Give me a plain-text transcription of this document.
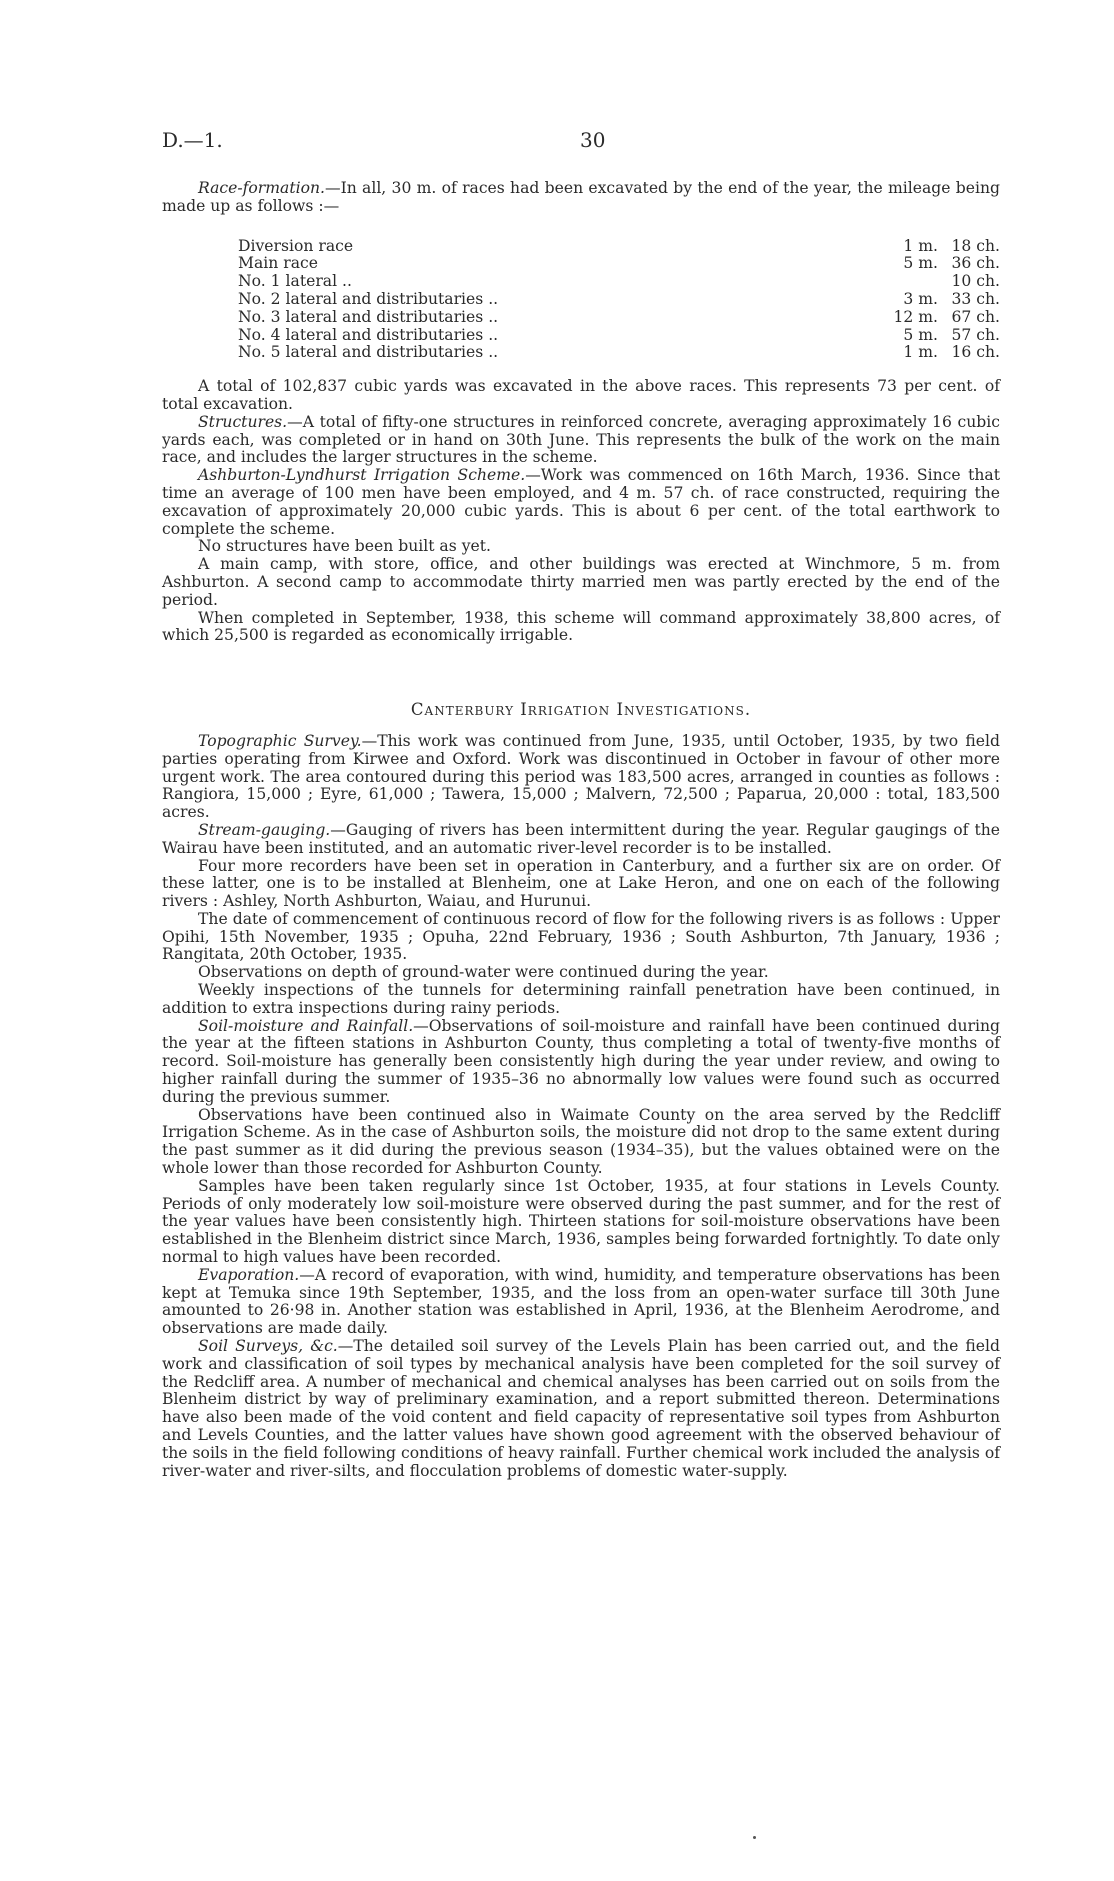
D.—1.	30

Race-formation.—In all, 30 m. of races had been excavated by the end of the year, the mileage being made up as follows :—

Diversion race	1 m.	18 ch.
Main race	5 m.	36 ch.
No. 1 lateral ..		10 ch.
No. 2 lateral and distributaries ..	3 m.	33 ch.
No. 3 lateral and distributaries ..	12 m.	67 ch.
No. 4 lateral and distributaries ..	5 m.	57 ch.
No. 5 lateral and distributaries ..	1 m.	16 ch.

A total of 102,837 cubic yards was excavated in the above races. This represents 73 per cent. of total excavation.

Structures.—A total of fifty-one structures in reinforced concrete, averaging approximately 16 cubic yards each, was completed or in hand on 30th June. This represents the bulk of the work on the main race, and includes the larger structures in the scheme.

Ashburton-Lyndhurst Irrigation Scheme.—Work was commenced on 16th March, 1936. Since that time an average of 100 men have been employed, and 4 m. 57 ch. of race constructed, requiring the excavation of approximately 20,000 cubic yards. This is about 6 per cent. of the total earthwork to complete the scheme.

No structures have been built as yet.

A main camp, with store, office, and other buildings was erected at Winchmore, 5 m. from Ashburton. A second camp to accommodate thirty married men was partly erected by the end of the period.

When completed in September, 1938, this scheme will command approximately 38,800 acres, of which 25,500 is regarded as economically irrigable.

Canterbury Irrigation Investigations.

Topographic Survey.—This work was continued from June, 1935, until October, 1935, by two field parties operating from Kirwee and Oxford. Work was discontinued in October in favour of other more urgent work. The area contoured during this period was 183,500 acres, arranged in counties as follows : Rangiora, 15,000 ; Eyre, 61,000 ; Tawera, 15,000 ; Malvern, 72,500 ; Paparua, 20,000 : total, 183,500 acres.

Stream-gauging.—Gauging of rivers has been intermittent during the year. Regular gaugings of the Wairau have been instituted, and an automatic river-level recorder is to be installed.

Four more recorders have been set in operation in Canterbury, and a further six are on order. Of these latter, one is to be installed at Blenheim, one at Lake Heron, and one on each of the following rivers : Ashley, North Ashburton, Waiau, and Hurunui.

The date of commencement of continuous record of flow for the following rivers is as follows : Upper Opihi, 15th November, 1935 ; Opuha, 22nd February, 1936 ; South Ashburton, 7th January, 1936 ; Rangitata, 20th October, 1935.

Observations on depth of ground-water were continued during the year.

Weekly inspections of the tunnels for determining rainfall penetration have been continued, in addition to extra inspections during rainy periods.

Soil-moisture and Rainfall.—Observations of soil-moisture and rainfall have been continued during the year at the fifteen stations in Ashburton County, thus completing a total of twenty-five months of record. Soil-moisture has generally been consistently high during the year under review, and owing to higher rainfall during the summer of 1935–36 no abnormally low values were found such as occurred during the previous summer.

Observations have been continued also in Waimate County on the area served by the Redcliff Irrigation Scheme. As in the case of Ashburton soils, the moisture did not drop to the same extent during the past summer as it did during the previous season (1934–35), but the values obtained were on the whole lower than those recorded for Ashburton County.

Samples have been taken regularly since 1st October, 1935, at four stations in Levels County. Periods of only moderately low soil-moisture were observed during the past summer, and for the rest of the year values have been consistently high. Thirteen stations for soil-moisture observations have been established in the Blenheim district since March, 1936, samples being forwarded fortnightly. To date only normal to high values have been recorded.

Evaporation.—A record of evaporation, with wind, humidity, and temperature observations has been kept at Temuka since 19th September, 1935, and the loss from an open-water surface till 30th June amounted to 26·98 in. Another station was established in April, 1936, at the Blenheim Aerodrome, and observations are made daily.

Soil Surveys, &c.—The detailed soil survey of the Levels Plain has been carried out, and the field work and classification of soil types by mechanical analysis have been completed for the soil survey of the Redcliff area. A number of mechanical and chemical analyses has been carried out on soils from the Blenheim district by way of preliminary examination, and a report submitted thereon. Determinations have also been made of the void content and field capacity of representative soil types from Ashburton and Levels Counties, and the latter values have shown good agreement with the observed behaviour of the soils in the field following conditions of heavy rainfall. Further chemical work included the analysis of river-water and river-silts, and flocculation problems of domestic water-supply.
